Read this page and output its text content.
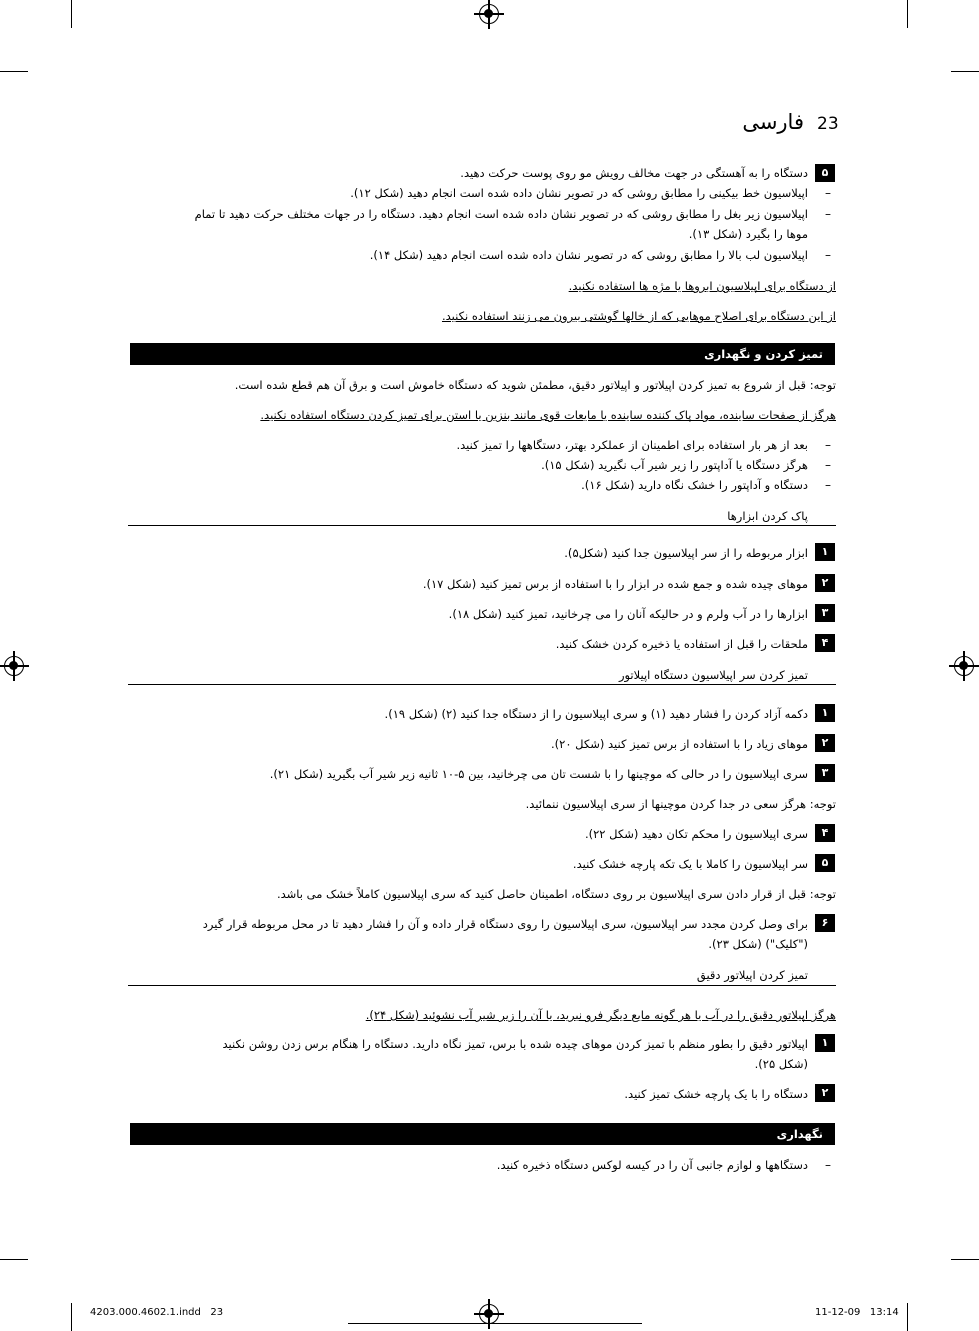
23
فارسی
۵
دستگاه را به آهستگی در جهت مخالف رویش مو روی پوست حرکت دهید.
–
اپیلاسیون خط بیکینی را مطابق روشی که در تصویر نشان داده شده است انجام دهید (شکل ۱۲).
–
اپیلاسیون زیر بغل را مطابق روشی که در تصویر نشان داده شده است انجام دهید. دستگاه را در جهات مختلف حرکت دهید تا تمام
موها را بگیرد (شکل ۱۳).
–
اپیلاسیون لب بالا را مطابق روشی که در تصویر نشان داده شده است انجام دهید (شکل ۱۴).
از دستگاه برای اپیلاسیون ابروها یا مژه ها استفاده نکنید.
از این دستگاه برای اصلاح موهایی که از خالها گوشتی بیرون می زنند استفاده نکنید.
تمیز کردن و نگهداری
توجه: قبل از شروع به تمیز کردن اپیلاتور و اپیلاتور دقیق، مطمئن شوید که دستگاه خاموش است و برق آن هم قطع شده است.
هرگز از صفحات ساینده، مواد پاک کننده ساینده یا مایعات قوی مانند بنزین یا استن برای تمیز کردن دستگاه استفاده نکنید.
–
بعد از هر بار استفاده برای اطمینان از عملکرد بهتر، دستگاهها را تمیز کنید.
–
هرگز دستگاه یا آداپتور را زیر شیر آب نگیرید (شکل ۱۵).
–
دستگاه و آداپتور را خشک نگاه دارید (شکل ۱۶).
پاک کردن ابزارها
۱
ابزار مربوطه را از سر اپیلاسیون جدا کنید (شکل۵).
۲
موهای چیده شده و جمع شده در ابزار را با استفاده از برس تمیز کنید (شکل ۱۷).
۳
ابزارها را در آب ولرم و در حالیکه آنان را می چرخانید، تمیز کنید (شکل ۱۸).
۴
ملحقات را قبل از استفاده یا ذخیره کردن خشک کنید.
تمیز کردن سر اپیلاسیون دستگاه اپیلاتور
۱
دکمه آزاد کردن را فشار دهید (۱) و سری اپیلاسیون را از دستگاه جدا کنید (۲) (شکل ۱۹).
۲
موهای زیاد را با استفاده از برس تمیز کنید (شکل ۲۰).
۳
سری اپیلاسیون را در حالی که موچینها را با شست تان می چرخانید، بین ۵-۱۰ ثانیه زیر شیر آب بگیرید (شکل ۲۱).
توجه: هرگز سعی در جدا کردن موچینها از سری اپیلاسیون ننمائید.
۴
سری اپیلاسیون را محکم تکان دهید (شکل ۲۲).
۵
سر اپیلاسیون را کاملا با یک تکه پارچه خشک کنید.
توجه: قبل از قرار دادن سری اپیلاسیون بر روی دستگاه، اطمینان حاصل کنید که سری اپیلاسیون کاملاً خشک می باشد.
۶
برای وصل کردن مجدد سر اپیلاسیون، سری اپیلاسیون را روی دستگاه قرار داده و آن را فشار دهید تا در محل مربوطه قرار گیرد
("کلیک") (شکل ۲۳).
تمیز کردن اپیلاتور دقیق
هرگز اپیلاتور دقیق را در آب یا هر گونه مایع دیگر فرو نبرید، یا آن را زیر شیر آب نشوئید (شکل ۲۴).
۱
اپیلاتور دقیق را بطور منظم با تمیز کردن موهای چیده شده با برس، تمیز نگاه دارید. دستگاه را هنگام برس زدن روشن نکنید
(شکل ۲۵).
۲
دستگاه را با یک پارچه خشک تمیز کنید.
نگهداری
–
دستگاهها و لوازم جانبی آن را در کیسه لوکس دستگاه ذخیره کنید.
4203.000.4602.1.indd   23	11-12-09   13:14
